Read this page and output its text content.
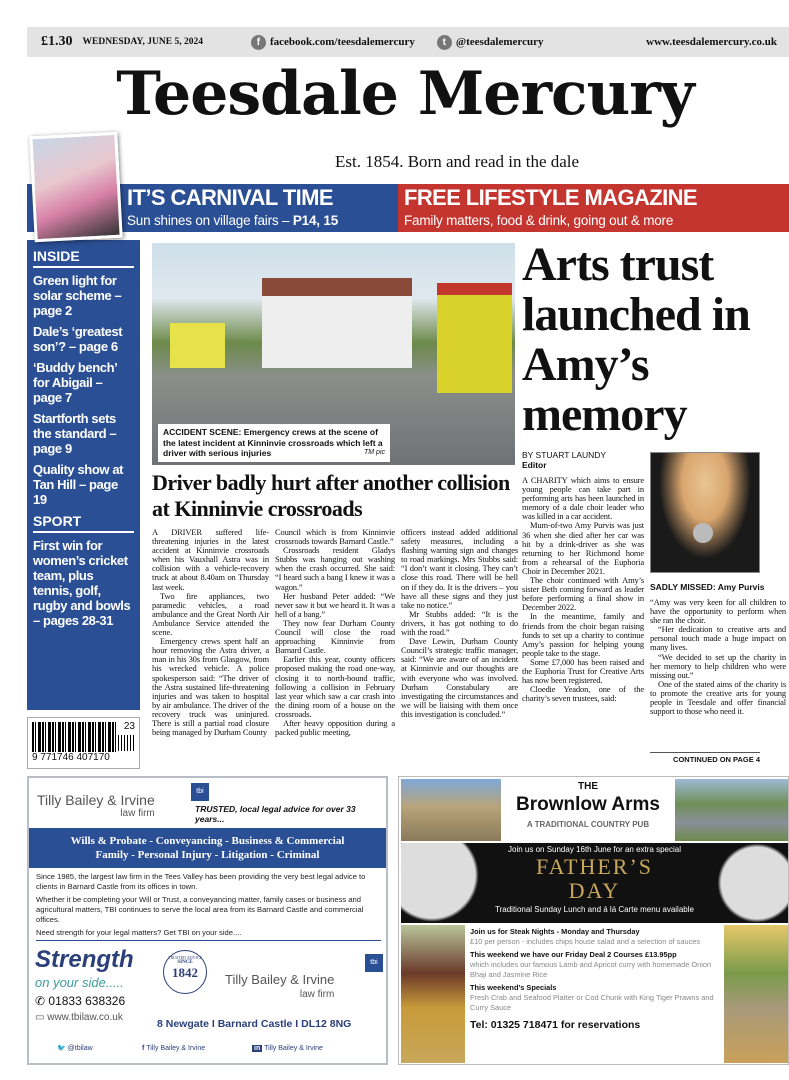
£1.30 WEDNESDAY, JUNE 5, 2024	f facebook.com/teesdalemercury	t @teesdalemercury	www.teesdalemercury.co.uk
Teesdale Mercury
Est. 1854. Born and read in the dale
IT’S CARNIVAL TIME
Sun shines on village fairs – P14, 15
FREE LIFESTYLE MAGAZINE
Family matters, food & drink, going out & more
INSIDE
Green light for solar scheme – page 2
Dale’s ‘greatest son’? – page 6
‘Buddy bench’ for Abigail – page 7
Startforth sets the standard – page 9
Quality show at Tan Hill – page 19
SPORT
First win for women’s cricket team, plus tennis, golf, rugby and bowls – pages 28-31
9 771746 407170
23
ACCIDENT SCENE: Emergency crews at the scene of the latest incident at Kinninvie crossroads which left a driver with serious injuries	TM pic
Driver badly hurt after another collision at Kinninvie crossroads

A DRIVER suffered life-threatening injuries in the latest accident at Kinninvie crossroads when his Vauxhall Astra was in collision with a vehicle-recovery truck at about 8.40am on Thursday last week.

Two fire appliances, two paramedic vehicles, a road ambulance and the Great North Air Ambulance Service attended the scene.

Emergency crews spent half an hour removing the Astra driver, a man in his 30s from Glasgow, from his wrecked vehicle. A police spokesperson said: “The driver of the Astra sustained life-threatening injuries and was taken to hospital by air ambulance. The driver of the recovery truck was uninjured. There is still a partial road closure being managed by Durham County

Council which is from Kinninvie crossroads towards Barnard Castle.”

Crossroads resident Gladys Stubbs was hanging out washing when the crash occurred. She said: “I heard such a bang I knew it was a wagon.”

Her husband Peter added: “We never saw it but we heard it. It was a hell of a bang.”

They now fear Durham County Council will close the road approaching Kinninvie from Barnard Castle.

Earlier this year, county officers proposed making the road one-way, closing it to north-bound traffic, following a collision in February last year which saw a car crash into the dining room of a house on the crossroads.

After heavy opposition during a packed public meeting,

officers instead added additional safety measures, including a flashing warning sign and changes to road markings. Mrs Stubbs said: “I don’t want it closing. They can’t close this road. There will be hell on if they do. It is the drivers – you have all these signs and they just take no notice.”

Mr Stubbs added: “It is the drivers, it has got nothing to do with the road.”

Dave Lewin, Durham County Council’s strategic traffic manager, said: “We are aware of an incident at Kinninvie and our thoughts are with everyone who was involved. Durham Constabulary are investigating the circumstances and we will be liaising with them once this investigation is concluded.”

Arts trust launched in Amy’s memory
BY STUART LAUNDY
Editor

A CHARITY which aims to ensure young people can take part in performing arts has been launched in memory of a dale choir leader who was killed in a car accident.

Mum-of-two Amy Purvis was just 36 when she died after her car was hit by a drink-driver as she was returning to her Richmond home from a rehearsal of the Euphoria Choir in December 2021.

The choir continued with Amy’s sister Beth coming forward as leader before performing a final show in December 2022.

In the meantime, family and friends from the choir began raising funds to set up a charity to continue Amy’s passion for helping young people take to the stage.

Some £7,000 has been raised and the Euphoria Trust for Creative Arts has now been registered.

Cloedie Yeadon, one of the charity’s seven trustees, said:

SADLY MISSED: Amy Purvis

“Amy was very keen for all children to have the opportunity to perform when she ran the choir.

“Her dedication to creative arts and personal touch made a huge impact on many lives.

“We decided to set up the charity in her memory to help children who were missing out.”

One of the stated aims of the charity is to promote the creative arts for young people in Teesdale and offer financial support to those who need it.

CONTINUED ON PAGE 4
Tilly Bailey & Irvine
law firm
tbi
TRUSTED, local legal advice for over 33 years...
Wills & Probate - Conveyancing - Business & Commercial
Family - Personal Injury - Litigation - Criminal

Since 1985, the largest law firm in the Tees Valley has been providing the very best legal advice to clients in Barnard Castle from its offices in town.

Whether it be completing your Will or Trust, a conveyancing matter, family cases or business and agricultural matters, TBI continues to serve the local area from its Barnard Castle and commercial offices.

Need strength for your legal matters? Get TBI on your side....

Strength
on your side.....
✆ 01833 638326
▭ www.tbilaw.co.uk
TRUSTED ADVICE
SINCE
1842	Tilly Bailey & Irvine
law firm
tbi
8 Newgate I Barnard Castle I DL12 8NG
🐦 @tbilaw	f Tilly Bailey & Irvine	in Tilly Bailey & Irvine
THE
Brownlow Arms
A TRADITIONAL COUNTRY PUB
Join us on Sunday 16th June for an extra special
FATHER’S
DAY
Traditional Sunday Lunch and á lá Carte menu available
Join us for Steak Nights - Monday and Thursday
£10 per person - includes chips house salad and a selection of sauces
This weekend we have our Friday Deal 2 Courses £13.95pp
which includes our famous Lamb and Apricot curry with homemade Onion Bhaji and Jasmine Rice
This weekend’s Specials
Fresh Crab and Seafood Platter or Cod Chunk with King Tiger Prawns and Curry Sauce
Tel: 01325 718471 for reservations
